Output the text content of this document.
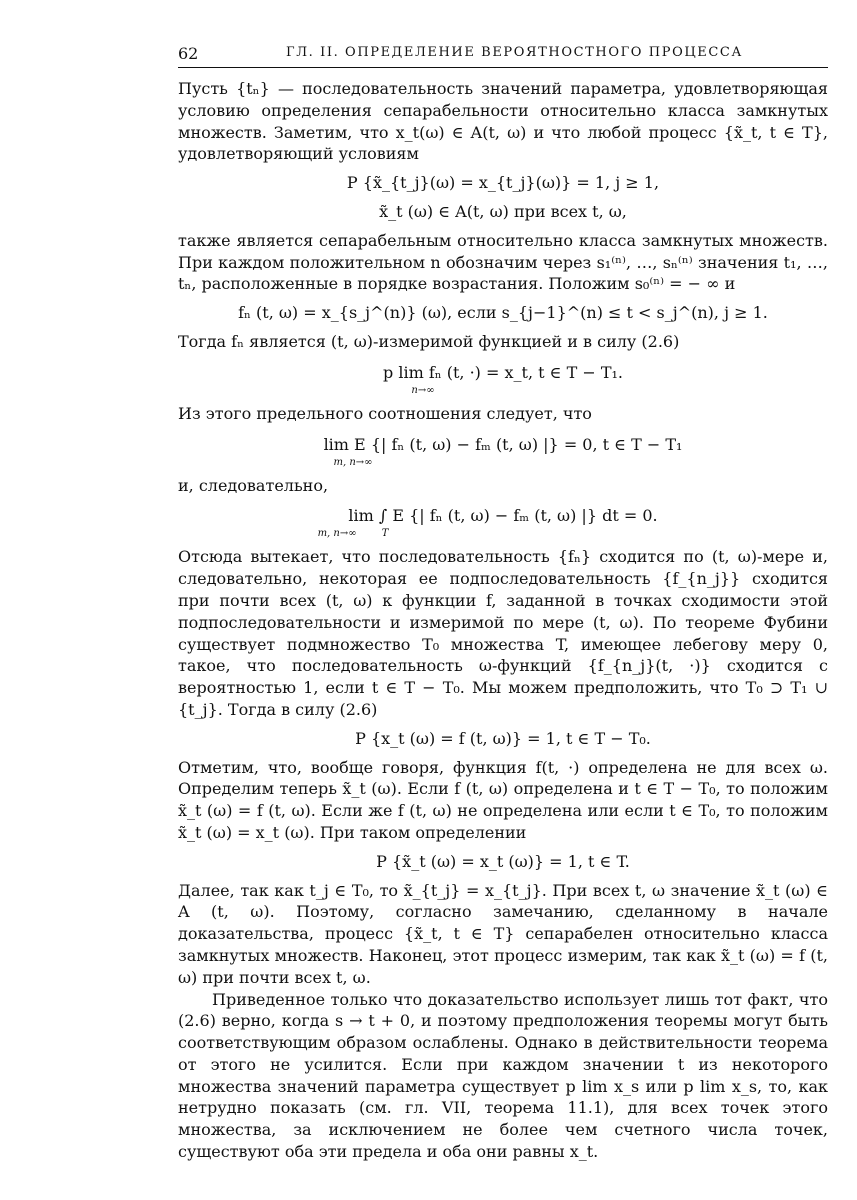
62	ГЛ. II. ОПРЕДЕЛЕНИЕ ВЕРОЯТНОСТНОГО ПРОЦЕССА

Пусть {tₙ} — последовательность значений параметра, удовлетворяющая условию определения сепарабельности относительно класса замкнутых множеств. Заметим, что x_t(ω) ∈ A(t, ω) и что любой процесс {x̃_t, t ∈ T}, удовлетворяющий условиям

P {x̃_{t_j}(ω) = x_{t_j}(ω)} = 1, j ≥ 1,
x̃_t (ω) ∈ A(t, ω) при всех t, ω,

также является сепарабельным относительно класса замкнутых множеств. При каждом положительном n обозначим через s₁⁽ⁿ⁾, …, sₙ⁽ⁿ⁾ значения t₁, …, tₙ, расположенные в порядке возрастания. Положим s₀⁽ⁿ⁾ = − ∞ и

fₙ (t, ω) = x_{s_j^(n)} (ω), если s_{j−1}^(n) ≤ t < s_j^(n), j ≥ 1.

Тогда fₙ является (t, ω)-измеримой функцией и в силу (2.6)

p lim fₙ (t, ·) = x_t, t ∈ T − T₁.
n→∞

Из этого предельного соотношения следует, что

lim E {| fₙ (t, ω) − fₘ (t, ω) |} = 0, t ∈ T − T₁
m, n→∞

и, следовательно,

lim ∫ E {| fₙ (t, ω) − fₘ (t, ω) |} dt = 0.
m, n→∞	T

Отсюда вытекает, что последовательность {fₙ} сходится по (t, ω)-мере и, следовательно, некоторая ее подпоследовательность {f_{n_j}} сходится при почти всех (t, ω) к функции f, заданной в точках сходимости этой подпоследовательности и измеримой по мере (t, ω). По теореме Фубини существует подмножество T₀ множества T, имеющее лебегову меру 0, такое, что последовательность ω-функций {f_{n_j}(t, ·)} сходится с вероятностью 1, если t ∈ T − T₀. Мы можем предположить, что T₀ ⊃ T₁ ∪ {t_j}. Тогда в силу (2.6)

P {x_t (ω) = f (t, ω)} = 1, t ∈ T − T₀.

Отметим, что, вообще говоря, функция f(t, ·) определена не для всех ω. Определим теперь x̃_t (ω). Если f (t, ω) определена и t ∈ T − T₀, то положим x̃_t (ω) = f (t, ω). Если же f (t, ω) не определена или если t ∈ T₀, то положим x̃_t (ω) = x_t (ω). При таком определении

P {x̃_t (ω) = x_t (ω)} = 1, t ∈ T.

Далее, так как t_j ∈ T₀, то x̃_{t_j} = x_{t_j}. При всех t, ω значение x̃_t (ω) ∈ A (t, ω). Поэтому, согласно замечанию, сделанному в начале доказательства, процесс {x̃_t, t ∈ T} сепарабелен относительно класса замкнутых множеств. Наконец, этот процесс измерим, так как x̃_t (ω) = f (t, ω) при почти всех t, ω.

Приведенное только что доказательство использует лишь тот факт, что (2.6) верно, когда s → t + 0, и поэтому предположения теоремы могут быть соответствующим образом ослаблены. Однако в действительности теорема от этого не усилится. Если при каждом значении t из некоторого множества значений параметра существует p lim x_s или p lim x_s, то, как нетрудно показать (см. гл. VII, теорема 11.1), для всех точек этого множества, за исключением не более чем счетного числа точек, существуют оба эти предела и оба они равны x_t.
